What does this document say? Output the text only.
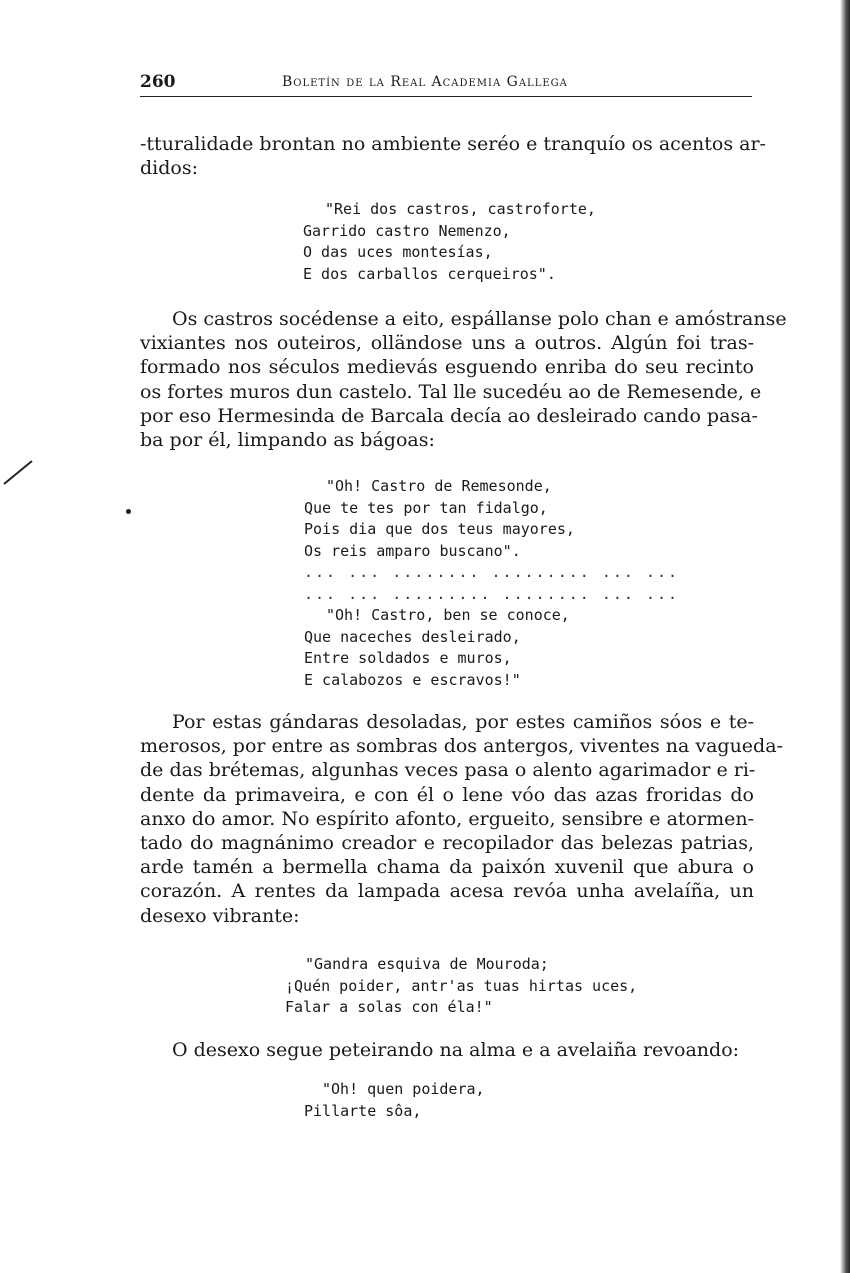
260	Boletín de la Real Academia Gallega
-tturalidade brontan no ambiente seréo e tranquío os acentos ar-
didos:
"Rei dos castros, castroforte,
Garrido castro Nemenzo,
O das uces montesías,
E dos carballos cerqueiros".
Os castros socédense a eito, espállanse polo chan e amóstranse
vixiantes nos outeiros, olländose uns a outros. Algún foi tras-
formado nos séculos medievás esguendo enriba do seu recinto
os fortes muros dun castelo. Tal lle sucedéu ao de Remesende, e
por eso Hermesinda de Barcala decía ao desleirado cando pasa-
ba por él, limpando as bágoas:
"Oh! Castro de Remesonde,
Que te tes por tan fidalgo,
Pois dia que dos teus mayores,
Os reis amparo buscano".
... ... ........ ......... ... ...
... ... ......... ........ ... ...
"Oh! Castro, ben se conoce,
Que naceches desleirado,
Entre soldados e muros,
E calabozos e escravos!"
Por estas gándaras desoladas, por estes camiños sóos e te-
merosos, por entre as sombras dos antergos, viventes na vagueda-
de das brétemas, algunhas veces pasa o alento agarimador e ri-
dente da primaveira, e con él o lene vóo das azas froridas do
anxo do amor. No espírito afonto, ergueito, sensibre e atormen-
tado do magnánimo creador e recopilador das belezas patrias,
arde tamén a bermella chama da paixón xuvenil que abura o
corazón. A rentes da lampada acesa revóa unha avelaíña, un
desexo vibrante:
"Gandra esquiva de Mouroda;
¡Quén poider, antr'as tuas hirtas uces,
Falar a solas con éla!"
O desexo segue peteirando na alma e a avelaiña revoando:
"Oh! quen poidera,
Pillarte sôa,
